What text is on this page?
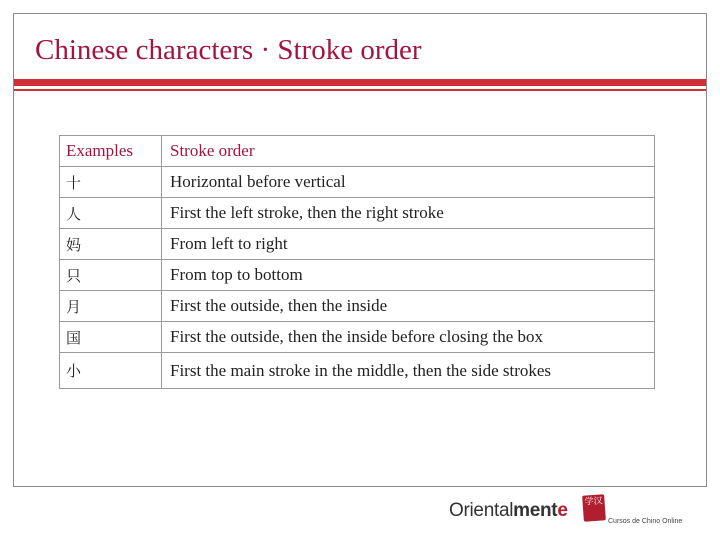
Chinese characters · Stroke order
Examples	Stroke order
十	Horizontal before vertical
人	First the left stroke, then the right stroke
妈	From left to right
只	From top to bottom
月	First the outside, then the inside
国	First the outside, then the inside before closing the box
小	First the main stroke in the middle, then the side strokes
Oriental ment e 学汉
Cursos de Chino Online
